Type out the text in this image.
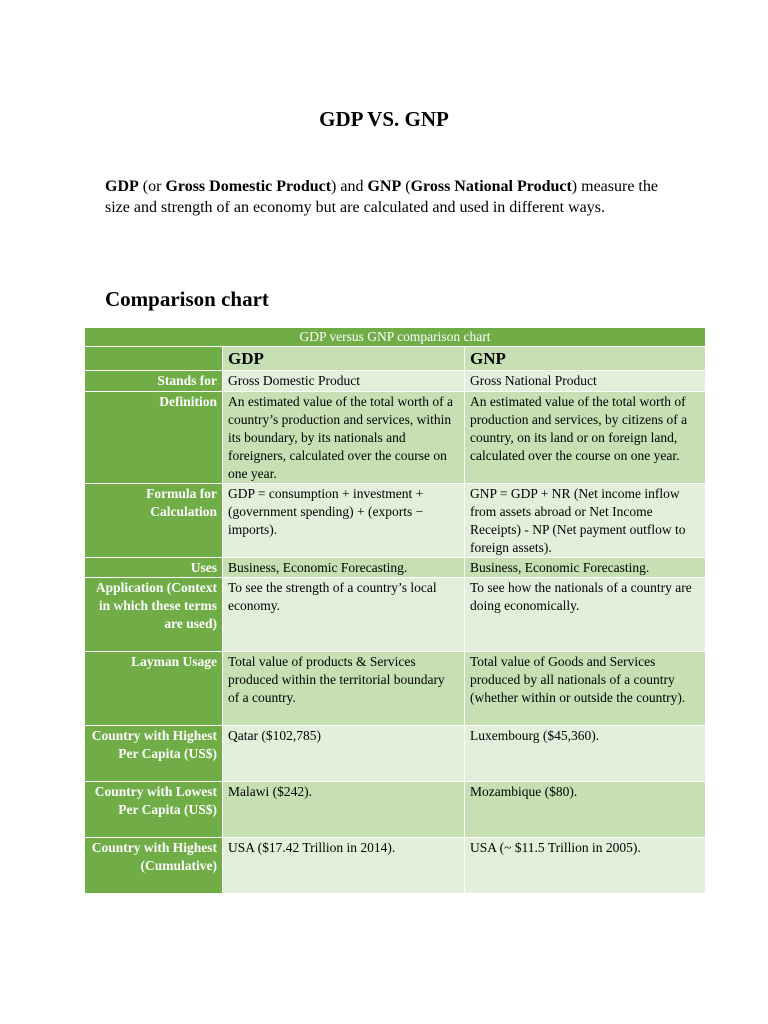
GDP VS. GNP
GDP (or Gross Domestic Product) and GNP (Gross National Product) measure the size and strength of an economy but are calculated and used in different ways.
Comparison chart
GDP versus GNP comparison chart		
	GDP	GNP
Stands for	Gross Domestic Product	Gross National Product
Definition	An estimated value of the total worth of a country’s production and services, within its boundary, by its nationals and foreigners, calculated over the course on one year.	An estimated value of the total worth of production and services, by citizens of a country, on its land or on foreign land, calculated over the course on one year.
Formula for Calculation	GDP = consumption + investment + (government spending) + (exports − imports).	GNP = GDP + NR (Net income inflow from assets abroad or Net Income Receipts) - NP (Net payment outflow to foreign assets).
Uses	Business, Economic Forecasting.	Business, Economic Forecasting.
Application (Context in which these terms are used)	To see the strength of a country’s local economy.	To see how the nationals of a country are doing economically.
Layman Usage	Total value of products & Services produced within the territorial boundary of a country.	Total value of Goods and Services produced by all nationals of a country (whether within or outside the country).
Country with Highest Per Capita (US$)	Qatar ($102,785)	Luxembourg ($45,360).
Country with Lowest Per Capita (US$)	Malawi ($242).	Mozambique ($80).
Country with Highest (Cumulative)	USA ($17.42 Trillion in 2014).	USA (~ $11.5 Trillion in 2005).
